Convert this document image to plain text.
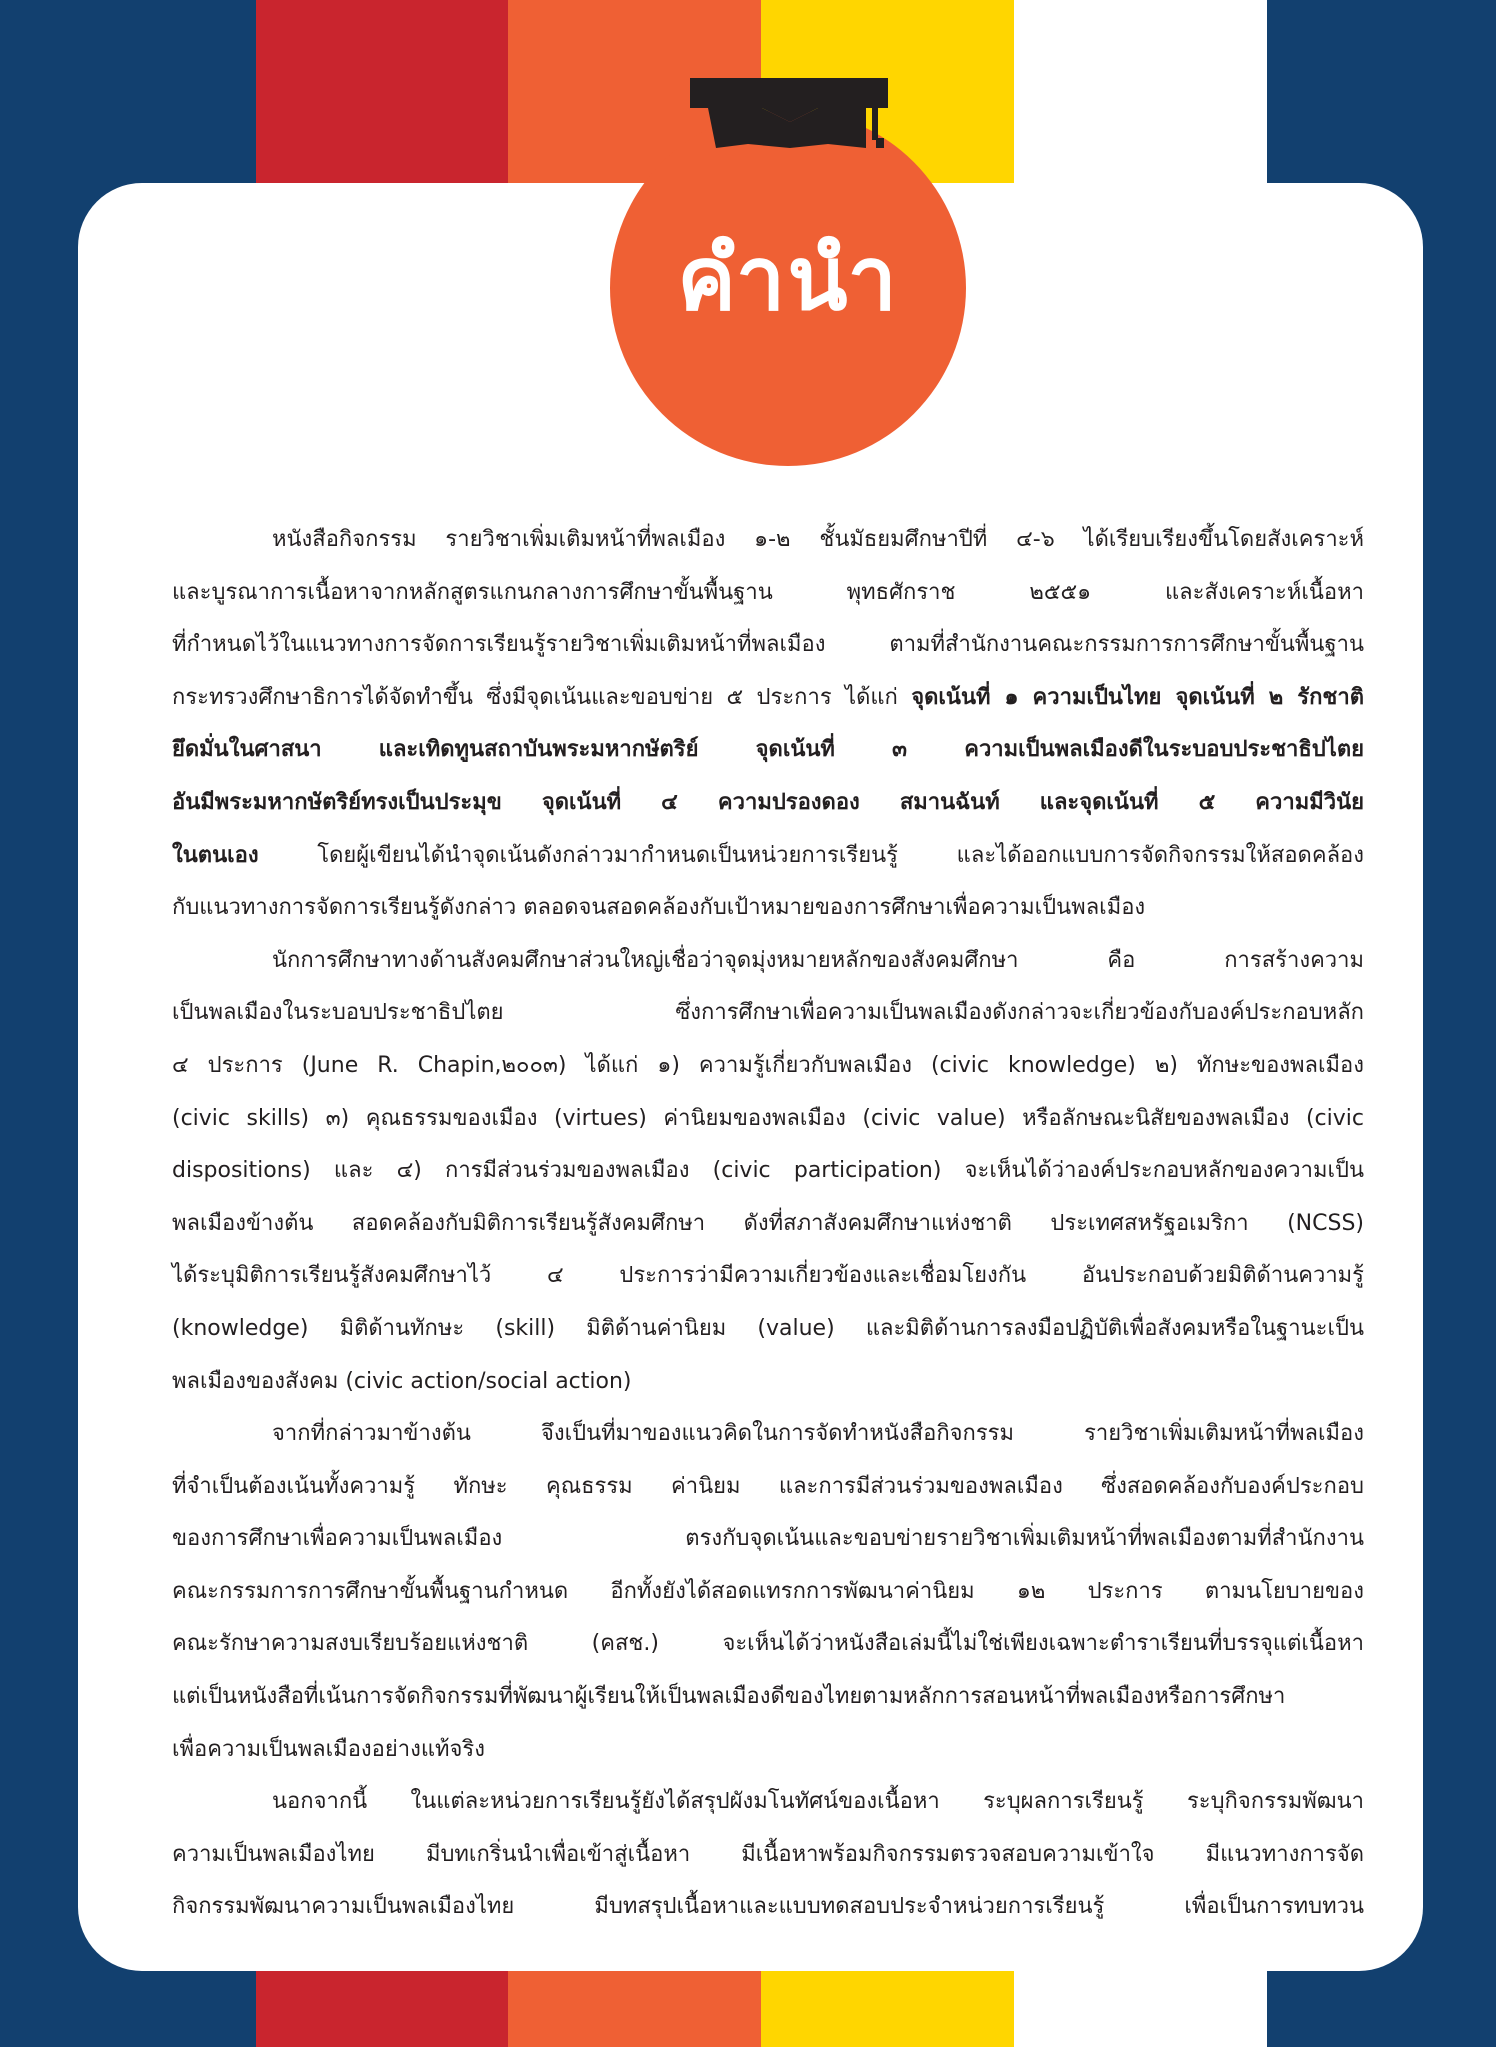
คำนำ

หนังสือกิจกรรม รายวิชาเพิ่มเติมหน้าที่พลเมือง ๑-๒ ชั้นมัธยมศึกษาปีที่ ๔-๖ ได้เรียบเรียงขึ้นโดยสังเคราะห์
และบูรณาการเนื้อหาจากหลักสูตรแกนกลางการศึกษาขั้นพื้นฐาน พุทธศักราช ๒๕๕๑ และสังเคราะห์เนื้อหา
ที่กำหนดไว้ในแนวทางการจัดการเรียนรู้รายวิชาเพิ่มเติมหน้าที่พลเมือง ตามที่สำนักงานคณะกรรมการการศึกษาขั้นพื้นฐาน
กระทรวงศึกษาธิการได้จัดทำขึ้น ซึ่งมีจุดเน้นและขอบข่าย ๕ ประการ ได้แก่ จุดเน้นที่ ๑ ความเป็นไทย จุดเน้นที่ ๒ รักชาติ
ยึดมั่นในศาสนา และเทิดทูนสถาบันพระมหากษัตริย์ จุดเน้นที่ ๓ ความเป็นพลเมืองดีในระบอบประชาธิปไตย
อันมีพระมหากษัตริย์ทรงเป็นประมุข จุดเน้นที่ ๔ ความปรองดอง สมานฉันท์ และจุดเน้นที่ ๕ ความมีวินัย
ในตนเอง โดยผู้เขียนได้นำจุดเน้นดังกล่าวมากำหนดเป็นหน่วยการเรียนรู้ และได้ออกแบบการจัดกิจกรรมให้สอดคล้อง
กับแนวทางการจัดการเรียนรู้ดังกล่าว ตลอดจนสอดคล้องกับเป้าหมายของการศึกษาเพื่อความเป็นพลเมือง

นักการศึกษาทางด้านสังคมศึกษาส่วนใหญ่เชื่อว่าจุดมุ่งหมายหลักของสังคมศึกษา คือ การสร้างความ
เป็นพลเมืองในระบอบประชาธิปไตย ซึ่งการศึกษาเพื่อความเป็นพลเมืองดังกล่าวจะเกี่ยวข้องกับองค์ประกอบหลัก
๔ ประการ (June R. Chapin,๒๐๐๓) ได้แก่ ๑) ความรู้เกี่ยวกับพลเมือง (civic knowledge) ๒) ทักษะของพลเมือง
(civic skills) ๓) คุณธรรมของเมือง (virtues) ค่านิยมของพลเมือง (civic value) หรือลักษณะนิสัยของพลเมือง (civic
dispositions) และ ๔) การมีส่วนร่วมของพลเมือง (civic participation) จะเห็นได้ว่าองค์ประกอบหลักของความเป็น
พลเมืองข้างต้น สอดคล้องกับมิติการเรียนรู้สังคมศึกษา ดังที่สภาสังคมศึกษาแห่งชาติ ประเทศสหรัฐอเมริกา (NCSS)
ได้ระบุมิติการเรียนรู้สังคมศึกษาไว้ ๔ ประการว่ามีความเกี่ยวข้องและเชื่อมโยงกัน อันประกอบด้วยมิติด้านความรู้
(knowledge) มิติด้านทักษะ (skill) มิติด้านค่านิยม (value) และมิติด้านการลงมือปฏิบัติเพื่อสังคมหรือในฐานะเป็น
พลเมืองของสังคม (civic action/social action)

จากที่กล่าวมาข้างต้น จึงเป็นที่มาของแนวคิดในการจัดทำหนังสือกิจกรรม รายวิชาเพิ่มเติมหน้าที่พลเมือง
ที่จำเป็นต้องเน้นทั้งความรู้ ทักษะ คุณธรรม ค่านิยม และการมีส่วนร่วมของพลเมือง ซึ่งสอดคล้องกับองค์ประกอบ
ของการศึกษาเพื่อความเป็นพลเมือง ตรงกับจุดเน้นและขอบข่ายรายวิชาเพิ่มเติมหน้าที่พลเมืองตามที่สำนักงาน
คณะกรรมการการศึกษาขั้นพื้นฐานกำหนด อีกทั้งยังได้สอดแทรกการพัฒนาค่านิยม ๑๒ ประการ ตามนโยบายของ
คณะรักษาความสงบเรียบร้อยแห่งชาติ (คสช.) จะเห็นได้ว่าหนังสือเล่มนี้ไม่ใช่เพียงเฉพาะตำราเรียนที่บรรจุแต่เนื้อหา
แต่เป็นหนังสือที่เน้นการจัดกิจกรรมที่พัฒนาผู้เรียนให้เป็นพลเมืองดีของไทยตามหลักการสอนหน้าที่พลเมืองหรือการศึกษา
เพื่อความเป็นพลเมืองอย่างแท้จริง

นอกจากนี้ ในแต่ละหน่วยการเรียนรู้ยังได้สรุปผังมโนทัศน์ของเนื้อหา ระบุผลการเรียนรู้ ระบุกิจกรรมพัฒนา
ความเป็นพลเมืองไทย มีบทเกริ่นนำเพื่อเข้าสู่เนื้อหา มีเนื้อหาพร้อมกิจกรรมตรวจสอบความเข้าใจ มีแนวทางการจัด
กิจกรรมพัฒนาความเป็นพลเมืองไทย มีบทสรุปเนื้อหาและแบบทดสอบประจำหน่วยการเรียนรู้ เพื่อเป็นการทบทวน
